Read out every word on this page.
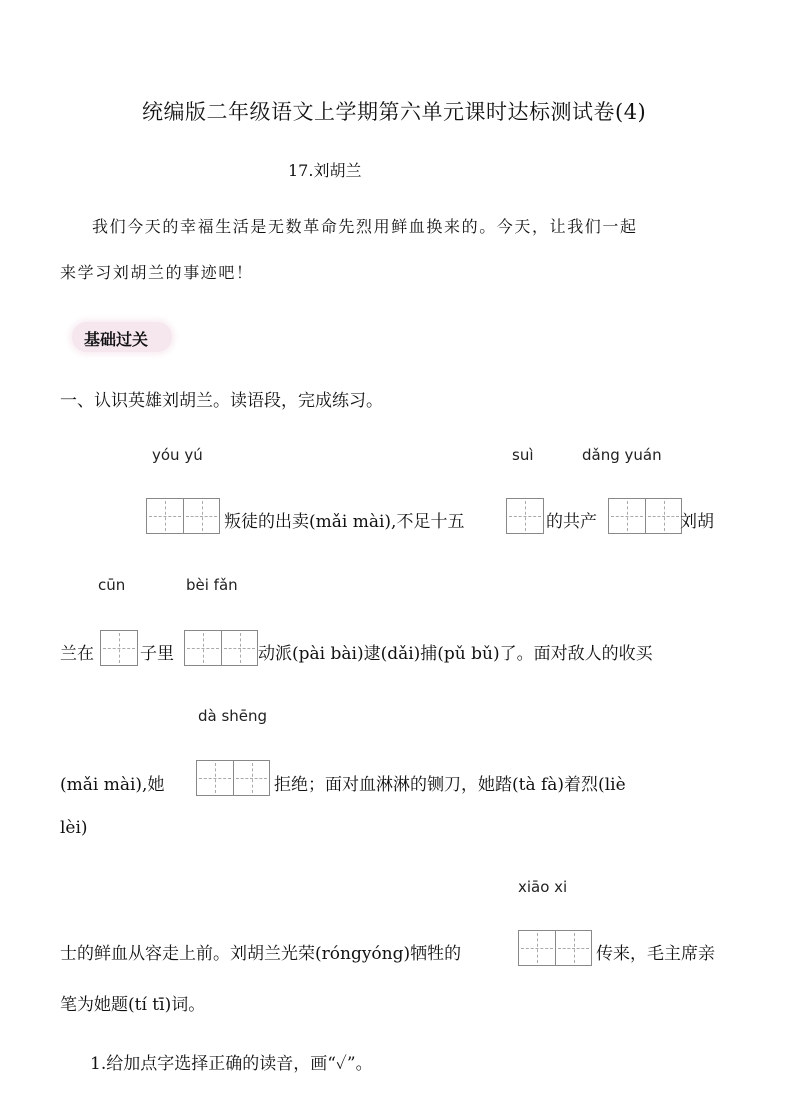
统编版二年级语文上学期第六单元课时达标测试卷(4)
17.刘胡兰
我们今天的幸福生活是无数革命先烈用鲜血换来的。今天，让我们一起
来学习刘胡兰的事迹吧！
基础过关
一、认识英雄刘胡兰。读语段，完成练习。
yóu yú	suì	dǎng yuán
叛徒的出卖(mǎi mài),不足十五	的共产	刘胡
cūn	bèi fǎn
兰在	子里	动派(pài bài)逮(dǎi)捕(pǔ bǔ)了。面对敌人的收买
dà shēng
(mǎi mài),她	拒绝；面对血淋淋的铡刀，她踏(tà fà)着烈(liè
lèi)
xiāo xi
士的鲜血从容走上前。刘胡兰光荣(róngyóng)牺牲的	传来，毛主席亲
笔为她题(tí tī)词。
1.给加点字选择正确的读音，画“✓”。
